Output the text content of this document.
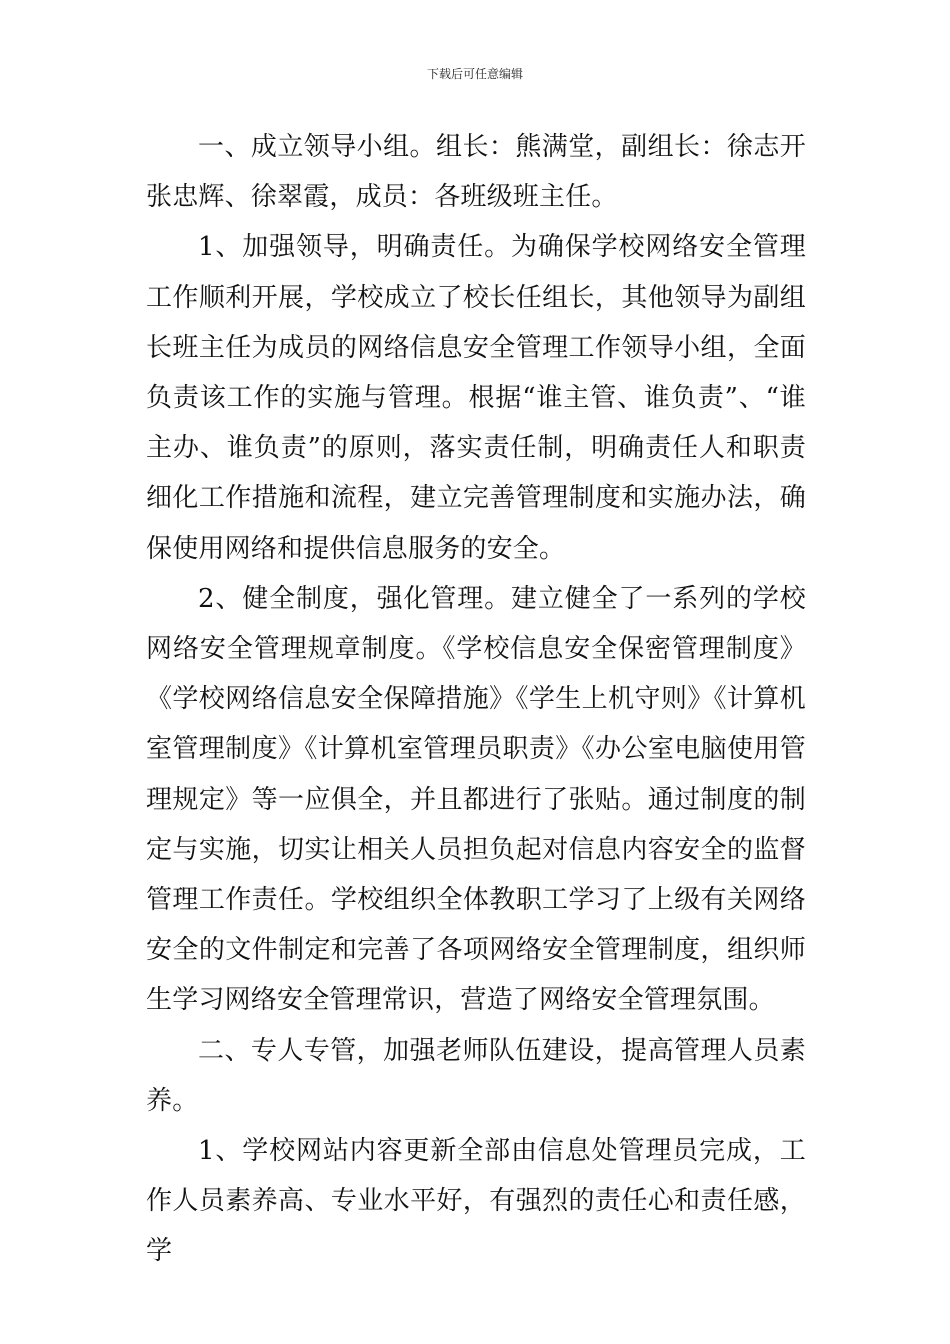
下载后可任意编辑

一、成立领导小组。组长：熊满堂，副组长：徐志开张忠辉、徐翠霞，成员：各班级班主任。

1、加强领导，明确责任。为确保学校网络安全管理工作顺利开展，学校成立了校长任组长，其他领导为副组长班主任为成员的网络信息安全管理工作领导小组，全面负责该工作的实施与管理。根据“谁主管、谁负责”、“谁主办、谁负责”的原则，落实责任制，明确责任人和职责细化工作措施和流程，建立完善管理制度和实施办法，确保使用网络和提供信息服务的安全。

2、健全制度，强化管理。建立健全了一系列的学校网络安全管理规章制度。《学校信息安全保密管理制度》《学校网络信息安全保障措施》《学生上机守则》《计算机室管理制度》《计算机室管理员职责》《办公室电脑使用管理规定》等一应俱全，并且都进行了张贴。通过制度的制定与实施，切实让相关人员担负起对信息内容安全的监督管理工作责任。学校组织全体教职工学习了上级有关网络安全的文件制定和完善了各项网络安全管理制度，组织师生学习网络安全管理常识，营造了网络安全管理氛围。

二、专人专管，加强老师队伍建设，提高管理人员素养。

1、学校网站内容更新全部由信息处管理员完成，工作人员素养高、专业水平好，有强烈的责任心和责任感，学
